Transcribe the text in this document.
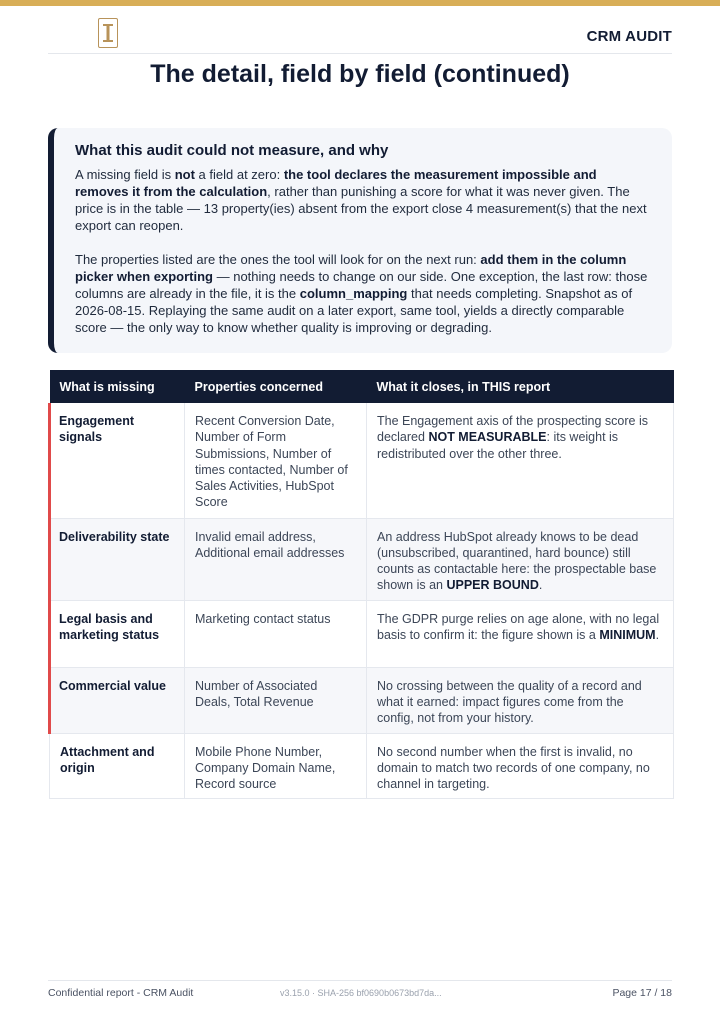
CRM AUDIT
The detail, field by field (continued)
What this audit could not measure, and why

A missing field is not a field at zero: the tool declares the measurement impossible and removes it from the calculation, rather than punishing a score for what it was never given. The price is in the table — 13 property(ies) absent from the export close 4 measurement(s) that the next export can reopen.

The properties listed are the ones the tool will look for on the next run: add them in the column picker when exporting — nothing needs to change on our side. One exception, the last row: those columns are already in the file, it is the column_mapping that needs completing. Snapshot as of 2026-08-15. Replaying the same audit on a later export, same tool, yields a directly comparable score — the only way to know whether quality is improving or degrading.

What is missing	Properties concerned	What it closes, in THIS report
Engagement signals	Recent Conversion Date, Number of Form Submissions, Number of times contacted, Number of Sales Activities, HubSpot Score	The Engagement axis of the prospecting score is declared NOT MEASURABLE: its weight is redistributed over the other three.
Deliverability state	Invalid email address, Additional email addresses	An address HubSpot already knows to be dead (unsubscribed, quarantined, hard bounce) still counts as contactable here: the prospectable base shown is an UPPER BOUND.
Legal basis and marketing status	Marketing contact status	The GDPR purge relies on age alone, with no legal basis to confirm it: the figure shown is a MINIMUM.
Commercial value	Number of Associated Deals, Total Revenue	No crossing between the quality of a record and what it earned: impact figures come from the config, not from your history.
Attachment and origin	Mobile Phone Number, Company Domain Name, Record source	No second number when the first is invalid, no domain to match two records of one company, no channel in targeting.
Confidential report - CRM Audit	v3.15.0 · SHA-256 bf0690b0673bd7da...	Page 17 / 18
